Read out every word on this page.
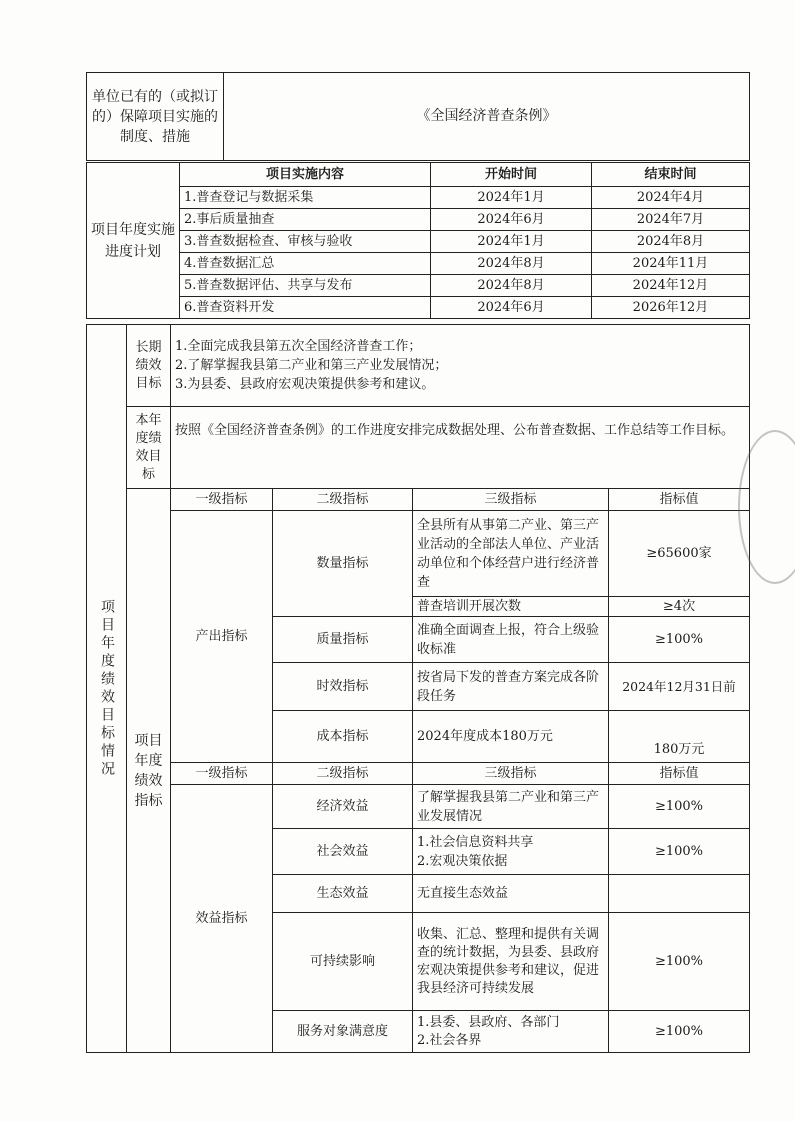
单位已有的（或拟订的）保障项目实施的制度、措施	《全国经济普查条例》
项目年度实施进度计划	项目实施内容	开始时间	结束时间
	1.普查登记与数据采集	2024年1月	2024年4月
	2.事后质量抽查	2024年6月	2024年7月
	3.普查数据检查、审核与验收	2024年1月	2024年8月
	4.普查数据汇总	2024年8月	2024年11月
	5.普查数据评估、共享与发布	2024年8月	2024年12月
	6.普查资料开发	2024年6月	2026年12月
项目年度绩效目标情况	长期绩效目标	1.全面完成我县第五次全国经济普查工作；
2.了解掌握我县第二产业和第三产业发展情况；
3.为县委、县政府宏观决策提供参考和建议。			

	本年度绩效目标	按照《全国经济普查条例》的工作进度安排完成数据处理、公布普查数据、工作总结等工作目标。			
	项目年度绩效指标	一级指标	二级指标	三级指标	指标值
		产出指标	数量指标	全县所有从事第二产业、第三产业活动的全部法人单位、产业活动单位和个体经营户进行经济普查	≥65600家
				普查培训开展次数	≥4次
			质量指标	准确全面调查上报，符合上级验收标准	≥100%
			时效指标	按省局下发的普查方案完成各阶段任务	2024年12月31日前
			成本指标	2024年度成本180万元	180万元
		一级指标	二级指标	三级指标	指标值
		效益指标	经济效益	了解掌握我县第二产业和第三产业发展情况	≥100%
			社会效益	1.社会信息资料共享
2.宏观决策依据	≥100%
			生态效益	无直接生态效益	
			可持续影响	收集、汇总、整理和提供有关调查的统计数据，为县委、县政府宏观决策提供参考和建议，促进我县经济可持续发展	≥100%
			服务对象满意度	1.县委、县政府、各部门
2.社会各界	≥100%
